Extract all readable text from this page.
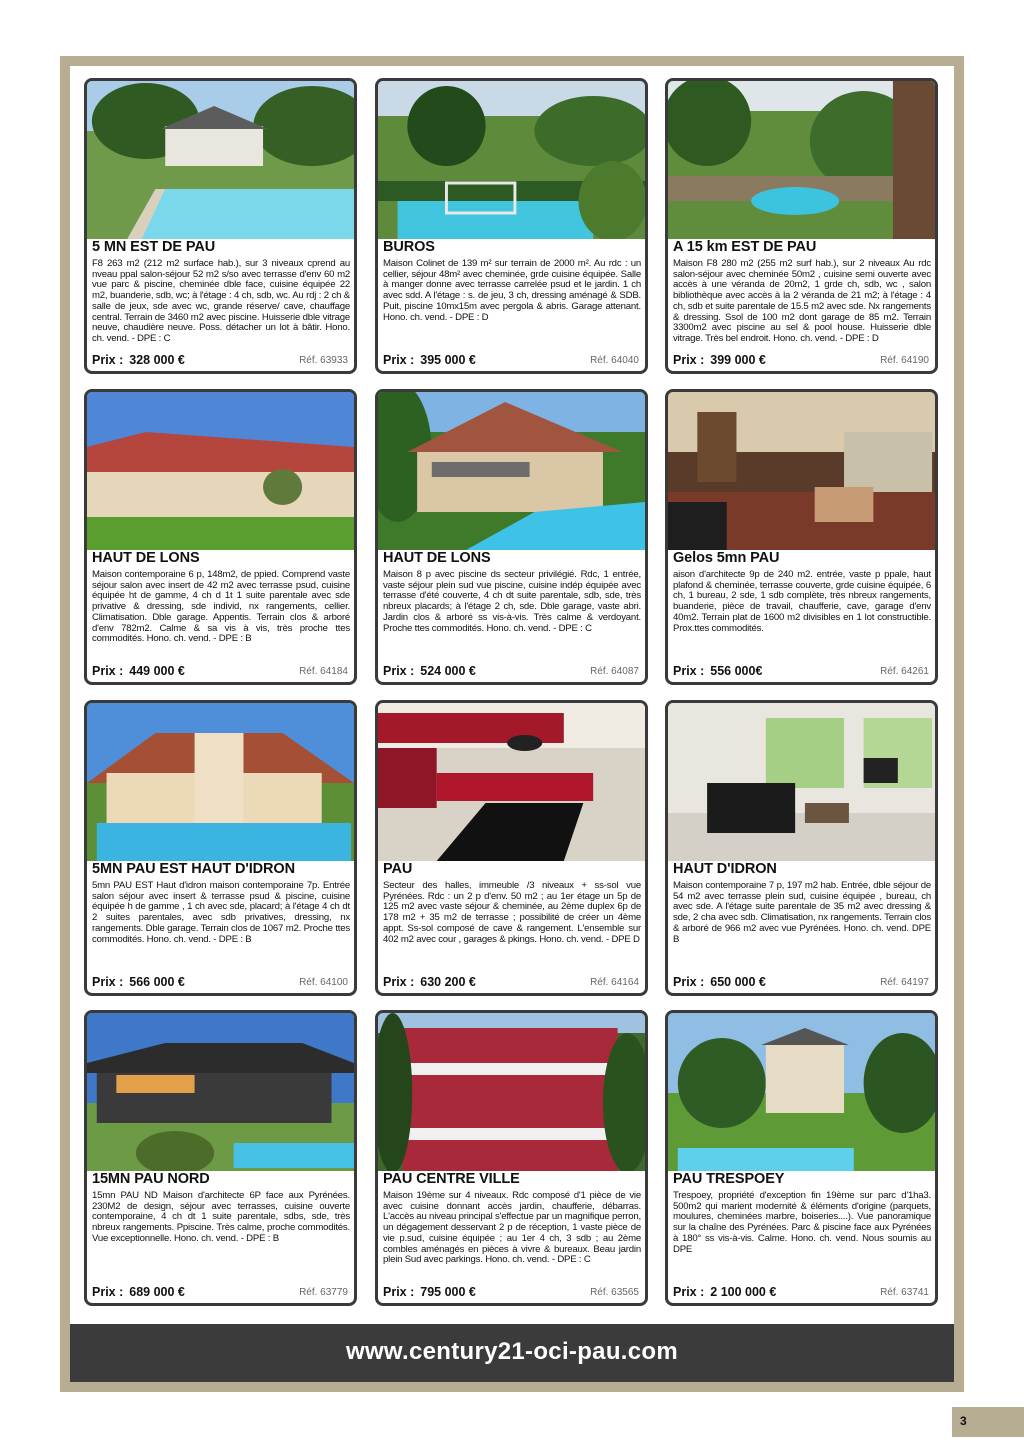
5 MN EST DE PAU
F8 263 m2 (212 m2 surface hab.), sur 3 niveaux cprend au nveau ppal salon-séjour 52 m2 s/so avec terrasse d'env 60 m2 vue parc & piscine, cheminée dble face, cuisine équipée 22 m2, buanderie, sdb, wc; à l'étage : 4 ch, sdb, wc. Au rdj : 2 ch & salle de jeux, sde avec wc, grande réserve/ cave, chauffage central. Terrain de 3460 m2 avec piscine. Huisserie dble vitrage neuve, chaudière neuve. Poss. détacher un lot à bâtir. Hono. ch. vend. - DPE : C
Prix : 328 000 €	Réf. 63933
BUROS
Maison Colinet de 139 m² sur terrain de 2000 m². Au rdc : un cellier, séjour 48m² avec cheminée, grde cuisine équipée. Salle à manger donne avec terrasse carrelée psud et le jardin. 1 ch avec sdd. A l'étage : s. de jeu, 3 ch, dressing aménagé & SDB. Puit, piscine 10mx15m avec pergola & abris. Garage attenant. Hono. ch. vend. - DPE : D
Prix : 395 000 €	Réf. 64040
A 15 km EST DE PAU
Maison F8 280 m2 (255 m2 surf hab.), sur 2 niveaux Au rdc salon-séjour avec cheminée 50m2 , cuisine semi ouverte avec accès à une véranda de 20m2, 1 grde ch, sdb, wc , salon bibliothèque avec accès à la 2 véranda de 21 m2; à l'étage : 4 ch, sdb et suite parentale de 15.5 m2 avec sde. Nx rangements & dressing. Ssol de 100 m2 dont garage de 85 m2. Terrain 3300m2 avec piscine au sel & pool house. Huisserie dble vitrage. Très bel endroit. Hono. ch. vend. - DPE : D
Prix : 399 000 €	Réf. 64190
HAUT DE LONS
Maison contemporaine 6 p, 148m2, de ppied. Comprend vaste séjour salon avec insert de 42 m2 avec terrasse psud, cuisine équipée ht de gamme, 4 ch d 1t 1 suite parentale avec sde privative & dressing, sde individ, nx rangements, cellier. Climatisation. Dble garage. Appentis. Terrain clos & arboré d'env 782m2. Calme & sa vis à vis, très proche ttes commodités. Hono. ch. vend. - DPE : B
Prix : 449 000 €	Réf. 64184
HAUT DE LONS
Maison 8 p avec piscine ds secteur privilégié. Rdc, 1 entrée, vaste séjour plein sud vue piscine, cuisine indép équipée avec terrasse d'été couverte, 4 ch dt suite parentale, sdb, sde, très nbreux placards; à l'étage 2 ch, sde. Dble garage, vaste abri. Jardin clos & arboré ss vis-à-vis. Très calme & verdoyant. Proche ttes commodités. Hono. ch. vend. - DPE : C
Prix : 524 000 €	Réf. 64087
Gelos 5mn PAU
aison d'architecte 9p de 240 m2. entrée, vaste p ppale, haut plafond & cheminée, terrasse couverte, grde cuisine équipée, 6 ch, 1 bureau, 2 sde, 1 sdb complète, très nbreux rangements, buanderie, pièce de travail, chaufferie, cave, garage d'env 40m2. Terrain plat de 1600 m2 divisibles en 1 lot constructible. Prox.ttes commodités.
Prix : 556 000€	Réf. 64261
5MN PAU EST HAUT D'IDRON
5mn PAU EST Haut d'idron maison contemporaine 7p. Entrée salon séjour avec insert & terrasse psud & piscine, cuisine équipée h de gamme , 1 ch avec sde, placard; à l'étage 4 ch dt 2 suites parentales, avec sdb privatives, dressing, nx rangements. Dble garage. Terrain clos de 1067 m2. Proche ttes commodités. Hono. ch. vend. - DPE : B
Prix : 566 000 €	Réf. 64100
PAU
Secteur des halles, immeuble /3 niveaux + ss-sol vue Pyrénées. Rdc : un 2 p d'env. 50 m2 ; au 1er étage un 5p de 125 m2 avec vaste séjour & cheminée, au 2ème duplex 6p de 178 m2 + 35 m2 de terrasse ; possibilité de créer un 4ème appt. Ss-sol composé de cave & rangement. L'ensemble sur 402 m2 avec cour , garages & pkings. Hono. ch. vend. - DPE D
Prix : 630 200 €	Réf. 64164
HAUT D'IDRON
Maison contemporaine 7 p, 197 m2 hab. Entrée, dble séjour de 54 m2 avec terrasse plein sud, cuisine équipée , bureau, ch avec sde. A l'étage suite parentale de 35 m2 avec dressing & sde, 2 cha avec sdb. Climatisation, nx rangements. Terrain clos & arboré de 966 m2 avec vue Pyrénées. Hono. ch. vend. DPE B
Prix : 650 000 €	Réf. 64197
15MN PAU NORD
15mn PAU ND Maison d'architecte 6P face aux Pyrénées. 230M2 de design, séjour avec terrasses, cuisine ouverte contemporaine, 4 ch dt 1 suite parentale, sdbs, sde, très nbreux rangements. Ppiscine. Très calme, proche commodités. Vue exceptionnelle. Hono. ch. vend. - DPE : B
Prix : 689 000 €	Réf. 63779
PAU CENTRE VILLE
Maison 19ème sur 4 niveaux. Rdc composé d'1 pièce de vie avec cuisine donnant accès jardin, chaufferie, débarras. L'accès au niveau principal s'effectue par un magnifique perron, un dégagement desservant 2 p de réception, 1 vaste pièce de vie p.sud, cuisine équipée ; au 1er 4 ch, 3 sdb ; au 2ème combles aménagés en pièces à vivre & bureaux. Beau jardin plein Sud avec parkings. Hono. ch. vend. - DPE : C
Prix : 795 000 €	Réf. 63565
PAU TRESPOEY
Trespoey, propriété d'exception fin 19ème sur parc d'1ha3. 500m2 qui marient modernité & éléments d'origine (parquets, moulures, cheminées marbre, boiseries....). Vue panoramique sur la chaîne des Pyrénées. Parc & piscine face aux Pyrénées à 180° ss vis-à-vis. Calme. Hono. ch. vend. Nous soumis au DPE
Prix : 2 100 000 €	Réf. 63741
www.century21-oci-pau.com
3
